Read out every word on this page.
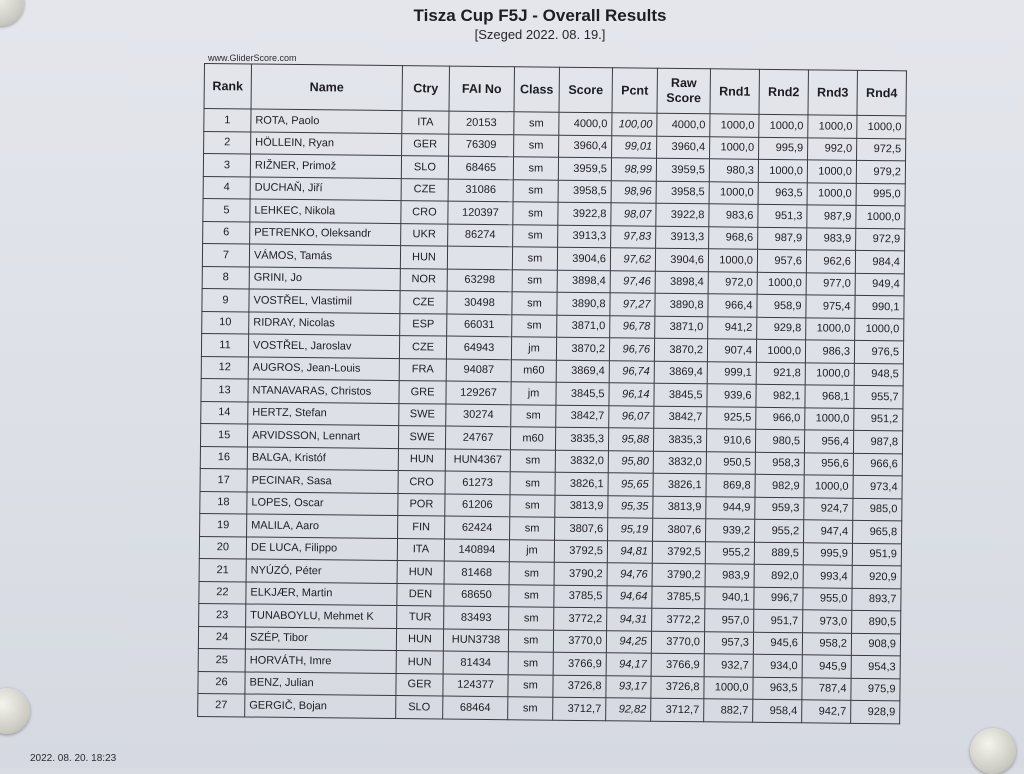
Tisza Cup F5J - Overall Results
[Szeged 2022. 08. 19.]
www.GliderScore.com
Rank	Name	Ctry	FAI No	Class	Score	Pcnt	Raw Score	Rnd1	Rnd2	Rnd3	Rnd4
1	ROTA, Paolo	ITA	20153	sm	4000,0	100,00	4000,0	1000,0	1000,0	1000,0	1000,0
2	HÖLLEIN, Ryan	GER	76309	sm	3960,4	99,01	3960,4	1000,0	995,9	992,0	972,5
3	RIŽNER, Primož	SLO	68465	sm	3959,5	98,99	3959,5	980,3	1000,0	1000,0	979,2
4	DUCHAŇ, Jiří	CZE	31086	sm	3958,5	98,96	3958,5	1000,0	963,5	1000,0	995,0
5	LEHKEC, Nikola	CRO	120397	sm	3922,8	98,07	3922,8	983,6	951,3	987,9	1000,0
6	PETRENKO, Oleksandr	UKR	86274	sm	3913,3	97,83	3913,3	968,6	987,9	983,9	972,9
7	VÁMOS, Tamás	HUN		sm	3904,6	97,62	3904,6	1000,0	957,6	962,6	984,4
8	GRINI, Jo	NOR	63298	sm	3898,4	97,46	3898,4	972,0	1000,0	977,0	949,4
9	VOSTŘEL, Vlastimil	CZE	30498	sm	3890,8	97,27	3890,8	966,4	958,9	975,4	990,1
10	RIDRAY, Nicolas	ESP	66031	sm	3871,0	96,78	3871,0	941,2	929,8	1000,0	1000,0
11	VOSTŘEL, Jaroslav	CZE	64943	jm	3870,2	96,76	3870,2	907,4	1000,0	986,3	976,5
12	AUGROS, Jean-Louis	FRA	94087	m60	3869,4	96,74	3869,4	999,1	921,8	1000,0	948,5
13	NTANAVARAS, Christos	GRE	129267	jm	3845,5	96,14	3845,5	939,6	982,1	968,1	955,7
14	HERTZ, Stefan	SWE	30274	sm	3842,7	96,07	3842,7	925,5	966,0	1000,0	951,2
15	ARVIDSSON, Lennart	SWE	24767	m60	3835,3	95,88	3835,3	910,6	980,5	956,4	987,8
16	BALGA, Kristóf	HUN	HUN4367	sm	3832,0	95,80	3832,0	950,5	958,3	956,6	966,6
17	PECINAR, Sasa	CRO	61273	sm	3826,1	95,65	3826,1	869,8	982,9	1000,0	973,4
18	LOPES, Oscar	POR	61206	sm	3813,9	95,35	3813,9	944,9	959,3	924,7	985,0
19	MALILA, Aaro	FIN	62424	sm	3807,6	95,19	3807,6	939,2	955,2	947,4	965,8
20	DE LUCA, Filippo	ITA	140894	jm	3792,5	94,81	3792,5	955,2	889,5	995,9	951,9
21	NYÚZÓ, Péter	HUN	81468	sm	3790,2	94,76	3790,2	983,9	892,0	993,4	920,9
22	ELKJÆR, Martin	DEN	68650	sm	3785,5	94,64	3785,5	940,1	996,7	955,0	893,7
23	TUNABOYLU, Mehmet K	TUR	83493	sm	3772,2	94,31	3772,2	957,0	951,7	973,0	890,5
24	SZÉP, Tibor	HUN	HUN3738	sm	3770,0	94,25	3770,0	957,3	945,6	958,2	908,9
25	HORVÁTH, Imre	HUN	81434	sm	3766,9	94,17	3766,9	932,7	934,0	945,9	954,3
26	BENZ, Julian	GER	124377	sm	3726,8	93,17	3726,8	1000,0	963,5	787,4	975,9
27	GERGIČ, Bojan	SLO	68464	sm	3712,7	92,82	3712,7	882,7	958,4	942,7	928,9
2022. 08. 20. 18:23
